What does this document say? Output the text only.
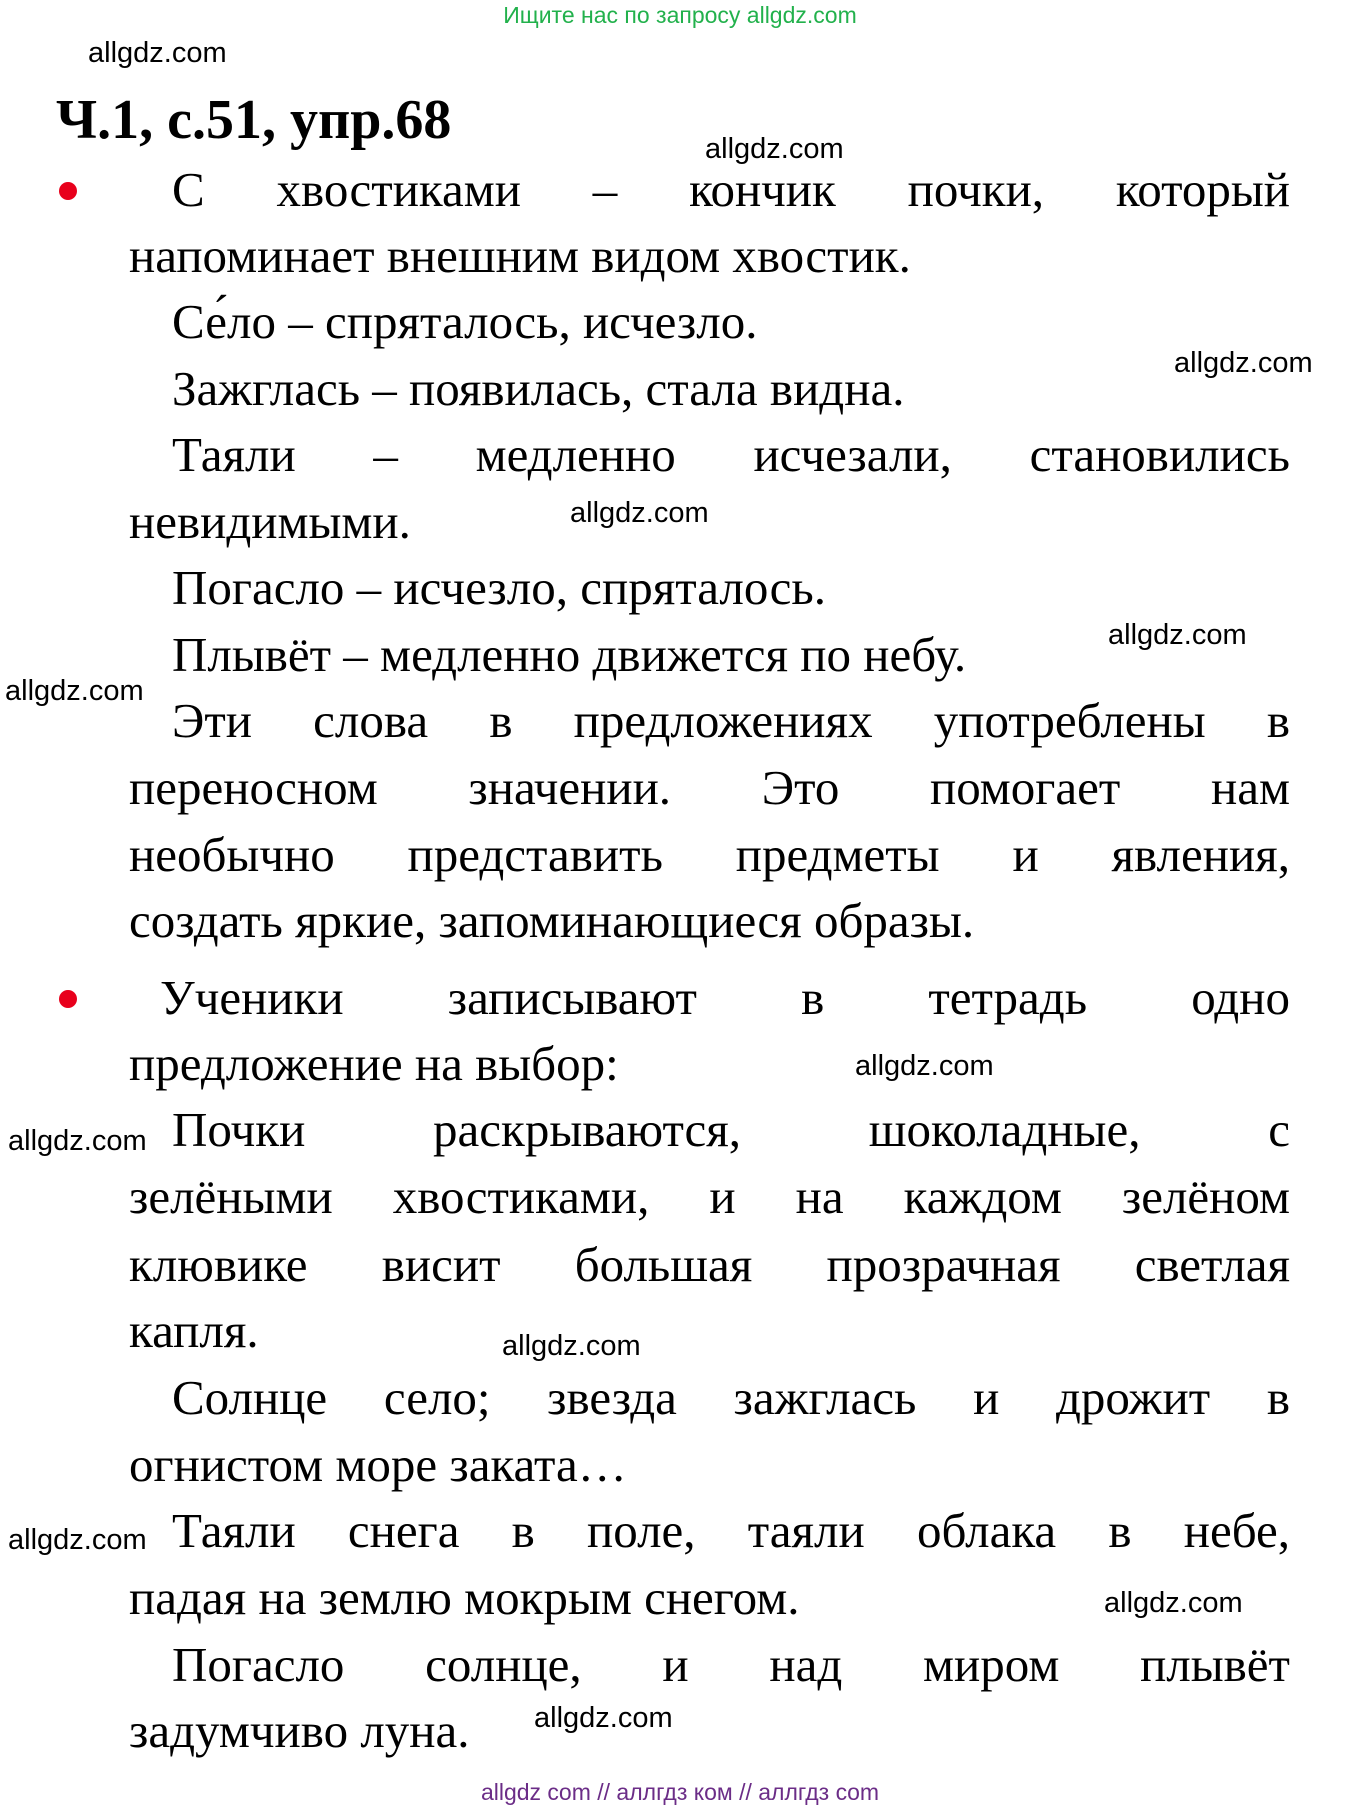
Ищите нас по запросу allgdz.com
Ч.1, с.51, упр.68
С хвостиками – кончик почки, который
напоминает внешним видом хвостик.
Се́ло – спряталось, исчезло.
Зажглась – появилась, стала видна.
Таяли – медленно исчезали, становились
невидимыми.
Погасло – исчезло, спряталось.
Плывёт – медленно движется по небу.
Эти слова в предложениях употреблены в
переносном значении. Это помогает нам
необычно представить предметы и явления,
создать яркие, запоминающиеся образы.
Ученики записывают в тетрадь одно
предложение на выбор:
Почки	раскрываются,	шоколадные,	с
зелёными хвостиками, и на каждом зелёном
клювике висит большая прозрачная светлая
капля.
Солнце село; звезда зажглась и дрожит в
огнистом море заката…
Таяли снега в поле, таяли облака в небе,
падая на землю мокрым снегом.
Погасло солнце, и над миром плывёт
задумчиво луна.
allgdz.com
allgdz.com
allgdz.com
allgdz.com
allgdz.com
allgdz.com
allgdz.com
allgdz.com
allgdz.com
allgdz.com
allgdz.com
allgdz.com
allgdz com // аллгдз ком // аллгдз com
